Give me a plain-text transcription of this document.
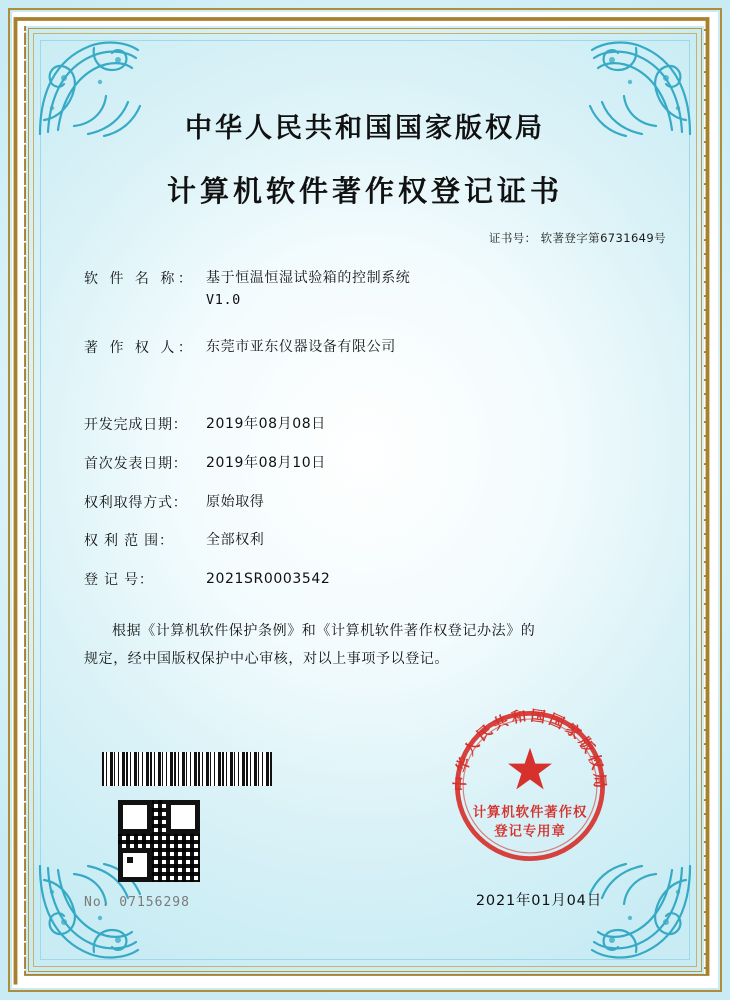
中华人民共和国国家版权局
计算机软件著作权登记证书
证书号： 软著登字第6731649号
软 件 名 称： 基于恒温恒湿试验箱的控制系统
V1.0
著 作 权 人： 东莞市亚东仪器设备有限公司
开发完成日期：	2019年08月08日
首次发表日期：	2019年08月10日
权利取得方式：	原始取得
权 利 范 围：	全部权利
登 记 号：	2021SR0003542

根据《计算机软件保护条例》和《计算机软件著作权登记办法》的

规定，经中国版权保护中心审核，对以上事项予以登记。

No. 07156298	2021年01月04日
中华人民共和国国家版权局
计算机软件著作权
登记专用章
